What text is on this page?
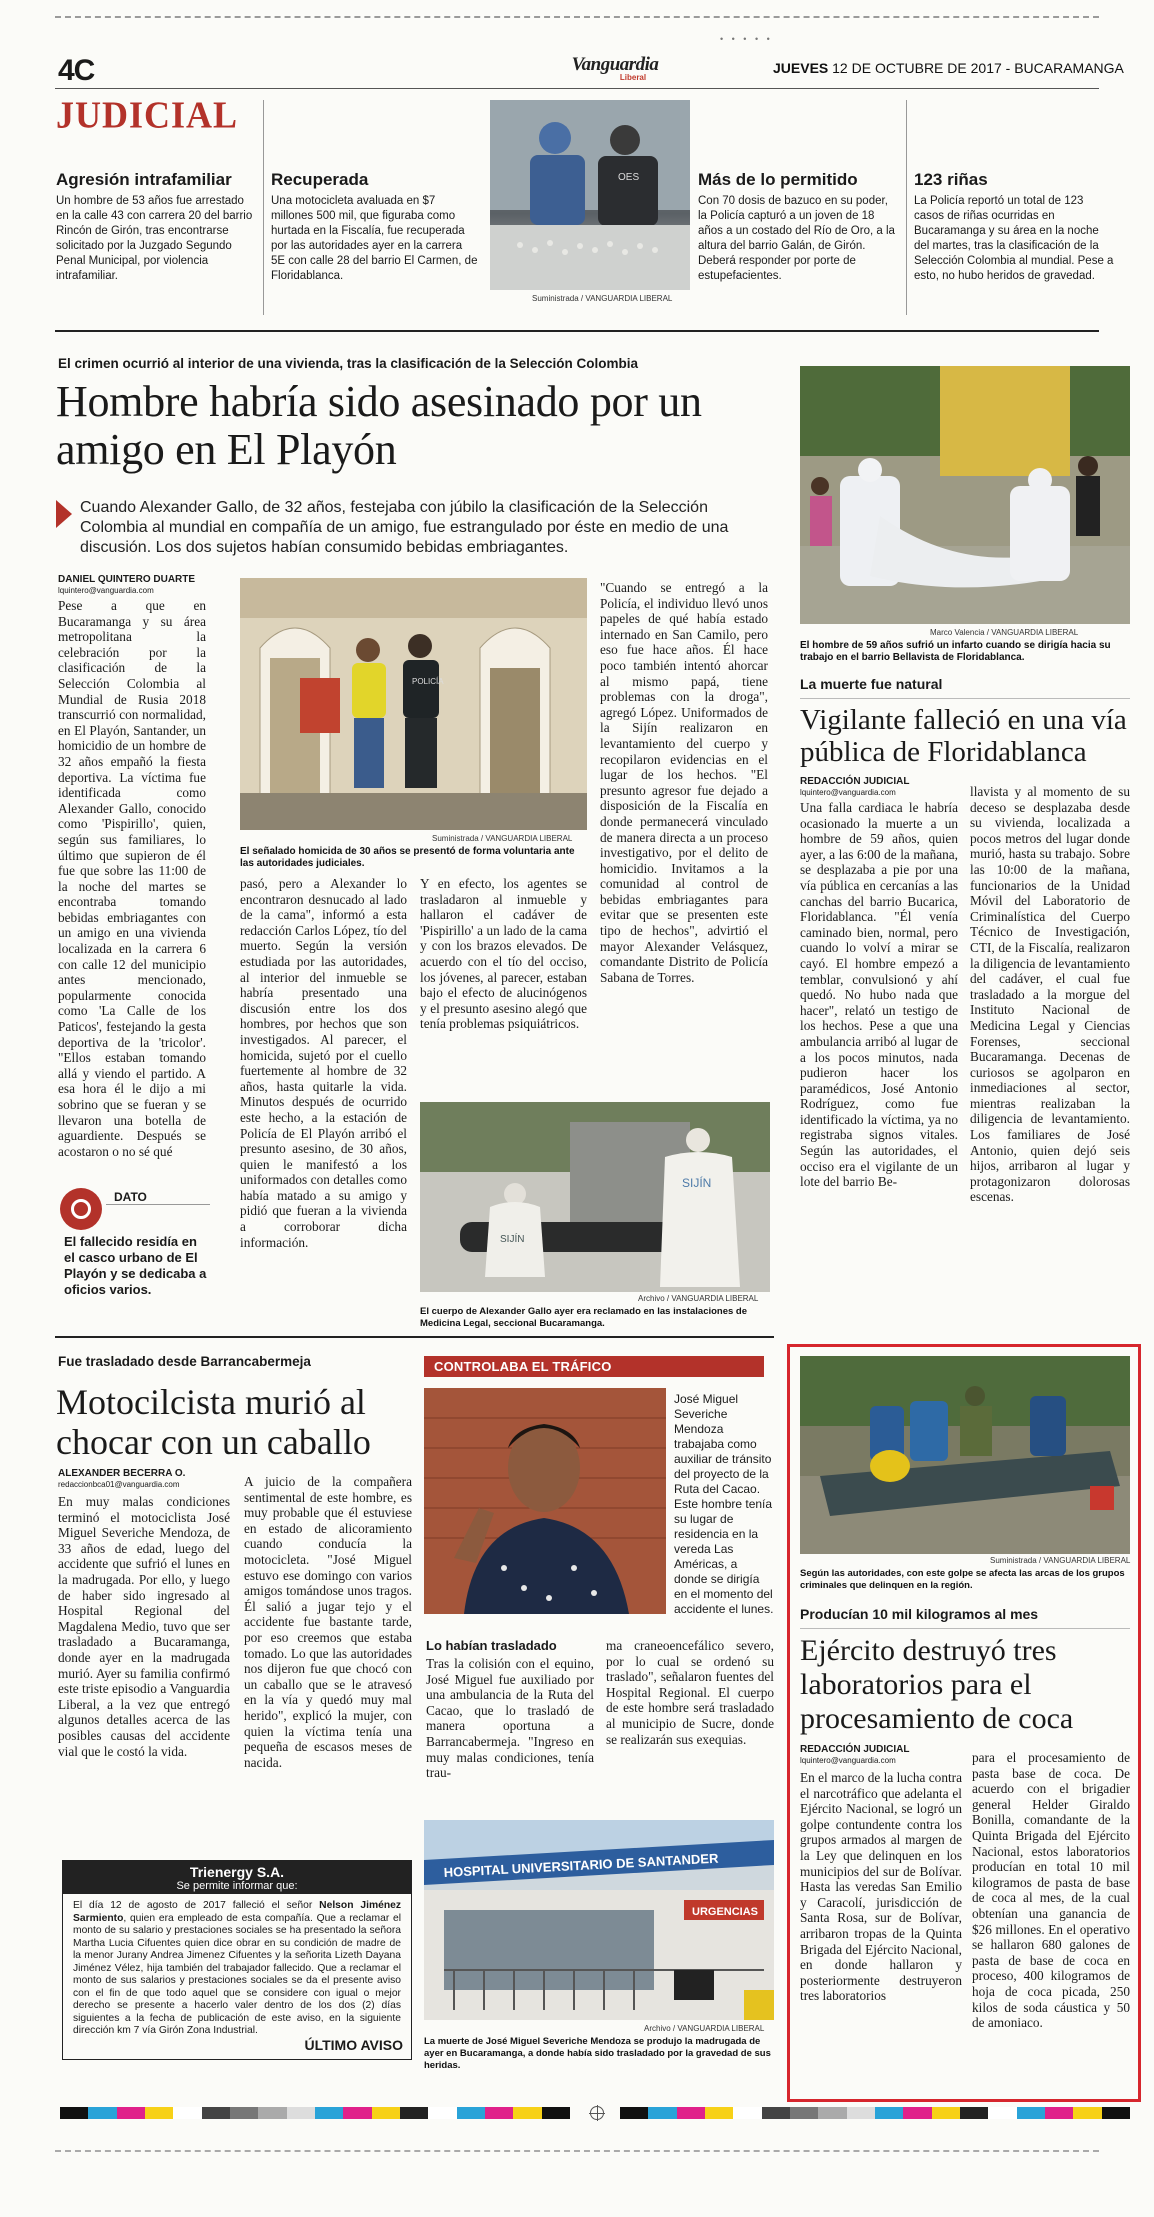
• • • • •
4C	Vanguardia
Liberal
JUEVES 12 DE OCTUBRE DE 2017 - BUCARAMANGA
JUDICIAL
Agresión intrafamiliar

Un hombre de 53 años fue arrestado en la calle 43 con carrera 20 del barrio Rincón de Girón, tras encontrarse solicitado por la Juzgado Segundo Penal Municipal, por violencia intrafamiliar.

Recuperada

Una motocicleta avaluada en $7 millones 500 mil, que figuraba como hurtada en la Fiscalía, fue recuperada por las autoridades ayer en la carrera 5E con calle 28 del barrio El Carmen, de Floridablanca.

OES
Suministrada / VANGUARDIA LIBERAL
Más de lo permitido

Con 70 dosis de bazuco en su poder, la Policía capturó a un joven de 18 años a un costado del Río de Oro, a la altura del barrio Galán, de Girón. Deberá responder por porte de estupefacientes.

123 riñas

La Policía reportó un total de 123 casos de riñas ocurridas en Bucaramanga y su área en la noche del martes, tras la clasificación de la Selección Colombia al mundial. Pese a esto, no hubo heridos de gravedad.

El crimen ocurrió al interior de una vivienda, tras la clasificación de la Selección Colombia
Hombre habría sido asesinado por un amigo en El Playón
Cuando Alexander Gallo, de 32 años, festejaba con júbilo la clasificación de la Selección Colombia al mundial en compañía de un amigo, fue estrangulado por éste en medio de una discusión. Los dos sujetos habían consumido bebidas embriagantes.
DANIEL QUINTERO DUARTE
lquintero@vanguardia.com
Pese a que en Bucaramanga y su área metropolitana la celebración por la clasificación de la Selección Colombia al Mundial de Rusia 2018 transcurrió con normalidad, en El Playón, Santander, un homicidio de un hombre de 32 años empañó la fiesta deportiva. La víctima fue identificada como Alexander Gallo, conocido como 'Pispirillo', quien, según sus familiares, lo último que supieron de él fue que sobre las 11:00 de la noche del martes se encontraba tomando bebidas embriagantes con un amigo en una vivienda localizada en la carrera 6 con calle 12 del municipio antes mencionado, popularmente conocida como 'La Calle de los Paticos', festejando la gesta deportiva de la 'tricolor'. "Ellos estaban tomando allá y viendo el partido. A esa hora él le dijo a mi sobrino que se fueran y se llevaron una botella de aguardiente. Después se acostaron o no sé qué
POLICÍA
Suministrada / VANGUARDIA LIBERAL
El señalado homicida de 30 años se presentó de forma voluntaria ante las autoridades judiciales.
pasó, pero a Alexander lo encontraron desnucado al lado de la cama", informó a esta redacción Carlos López, tío del muerto. Según la versión estudiada por las autoridades, al interior del inmueble se habría presentado una discusión entre los dos hombres, por hechos que son investigados. Al parecer, el homicida, sujetó por el cuello fuertemente al hombre de 32 años, hasta quitarle la vida. Minutos después de ocurrido este hecho, a la estación de Policía de El Playón arribó el presunto asesino, de 30 años, quien le manifestó a los uniformados con detalles como había matado a su amigo y pidió que fueran a la vivienda a corroborar dicha información.
Y en efecto, los agentes se trasladaron al inmueble y hallaron el cadáver de 'Pispirillo' a un lado de la cama y con los brazos elevados. De acuerdo con el tío del occiso, los jóvenes, al parecer, estaban bajo el efecto de alucinógenos y el presunto asesino alegó que tenía problemas psiquiátricos.
"Cuando se entregó a la Policía, el individuo llevó unos papeles de qué había estado internado en San Camilo, pero eso fue hace años. Él hace poco también intentó ahorcar al mismo papá, tiene problemas con la droga", agregó López. Uniformados de la Sijín realizaron en levantamiento del cuerpo y recopilaron evidencias en el lugar de los hechos. "El presunto agresor fue dejado a disposición de la Fiscalía en donde permanecerá vinculado de manera directa a un proceso investigativo, por el delito de homicidio. Invitamos a la comunidad al control de bebidas embriagantes para evitar que se presenten este tipo de hechos", advirtió el mayor Alexander Velásquez, comandante Distrito de Policía Sabana de Torres.
SIJÍN
SIJÍN
Archivo / VANGUARDIA LIBERAL
El cuerpo de Alexander Gallo ayer era reclamado en las instalaciones de Medicina Legal, seccional Bucaramanga.
DATO
El fallecido residía en el casco urbano de El Playón y se dedicaba a oficios varios.
Marco Valencia / VANGUARDIA LIBERAL
El hombre de 59 años sufrió un infarto cuando se dirigía hacia su trabajo en el barrio Bellavista de Floridablanca.
La muerte fue natural
Vigilante falleció en una vía pública de Floridablanca
REDACCIÓN JUDICIAL
lquintero@vanguardia.com
Una falla cardiaca le habría ocasionado la muerte a un hombre de 59 años, quien ayer, a las 6:00 de la mañana, se desplazaba a pie por una vía pública en cercanías a las canchas del barrio Bucarica, Floridablanca. "Él venía caminado bien, normal, pero cuando lo volví a mirar se cayó. El hombre empezó a temblar, convulsionó y ahí quedó. No hubo nada que hacer", relató un testigo de los hechos. Pese a que una ambulancia arribó al lugar de a los pocos minutos, nada pudieron hacer los paramédicos, José Antonio Rodríguez, como fue identificado la víctima, ya no registraba signos vitales. Según las autoridades, el occiso era el vigilante de un lote del barrio Be-
llavista y al momento de su deceso se desplazaba desde su vivienda, localizada a pocos metros del lugar donde murió, hasta su trabajo. Sobre las 10:00 de la mañana, funcionarios de la Unidad Móvil del Laboratorio de Criminalística del Cuerpo Técnico de Investigación, CTI, de la Fiscalía, realizaron la diligencia de levantamiento del cadáver, el cual fue trasladado a la morgue del Instituto Nacional de Medicina Legal y Ciencias Forenses, seccional Bucaramanga. Decenas de curiosos se agolparon en inmediaciones al sector, mientras realizaban la diligencia de levantamiento. Los familiares de José Antonio, quien dejó seis hijos, arribaron al lugar y protagonizaron dolorosas escenas.
Fue trasladado desde Barrancabermeja
Motocilcista murió al chocar con un caballo
ALEXANDER BECERRA O.
redaccionbca01@vanguardia.com
En muy malas condiciones terminó el motociclista José Miguel Severiche Mendoza, de 33 años de edad, luego del accidente que sufrió el lunes en la madrugada. Por ello, y luego de haber sido ingresado al Hospital Regional del Magdalena Medio, tuvo que ser trasladado a Bucaramanga, donde ayer en la madrugada murió. Ayer su familia confirmó este triste episodio a Vanguardia Liberal, a la vez que entregó algunos detalles acerca de las posibles causas del accidente vial que le costó la vida.
A juicio de la compañera sentimental de este hombre, es muy probable que él estuviese en estado de alicoramiento cuando conducía la motocicleta. "José Miguel estuvo ese domingo con varios amigos tomándose unos tragos. Él salió a jugar tejo y el accidente fue bastante tarde, por eso creemos que estaba tomado. Lo que las autoridades nos dijeron fue que chocó con un caballo que se le atravesó en la vía y quedó muy mal herido", explicó la mujer, con quien la víctima tenía una pequeña de escasos meses de nacida.
CONTROLABA EL TRÁFICO
José Miguel Severiche Mendoza trabajaba como auxiliar de tránsito del proyecto de la Ruta del Cacao. Este hombre tenía su lugar de residencia en la vereda Las Américas, a donde se dirigía en el momento del accidente el lunes.
Lo habían trasladado
Tras la colisión con el equino, José Miguel fue auxiliado por una ambulancia de la Ruta del Cacao, que lo trasladó de manera oportuna a Barrancabermeja. "Ingreso en muy malas condiciones, tenía trau-
ma craneoencefálico severo, por lo cual se ordenó su traslado", señalaron fuentes del Hospital Regional. El cuerpo de este hombre será trasladado al municipio de Sucre, donde se realizarán sus exequias.
HOSPITAL UNIVERSITARIO DE SANTANDER
URGENCIAS
Archivo / VANGUARDIA LIBERAL
La muerte de José Miguel Severiche Mendoza se produjo la madrugada de ayer en Bucaramanga, a donde había sido trasladado por la gravedad de sus heridas.
Trienergy S.A.
Se permite informar que:
El día 12 de agosto de 2017 falleció el señor Nelson Jiménez Sarmiento, quien era empleado de esta compañía. Que a reclamar el monto de su salario y prestaciones sociales se ha presentado la señora Martha Lucia Cifuentes quien dice obrar en su condición de madre de la menor Jurany Andrea Jimenez Cifuentes y la señorita Lizeth Dayana Jiménez Vélez, hija también del trabajador fallecido. Que a reclamar el monto de sus salarios y prestaciones sociales se da el presente aviso con el fin de que todo aquel que se considere con igual o mejor derecho se presente a hacerlo valer dentro de los dos (2) días siguientes a la fecha de publicación de este aviso, en la siguiente dirección km 7 vía Girón Zona Industrial.
ÚLTIMO AVISO
Suministrada / VANGUARDIA LIBERAL
Según las autoridades, con este golpe se afecta las arcas de los grupos criminales que delinquen en la región.
Producían 10 mil kilogramos al mes
Ejército destruyó tres laboratorios para el procesamiento de coca
REDACCIÓN JUDICIAL
lquintero@vanguardia.com
En el marco de la lucha contra el narcotráfico que adelanta el Ejército Nacional, se logró un golpe contundente contra los grupos armados al margen de la Ley que delinquen en los municipios del sur de Bolívar. Hasta las veredas San Emilio y Caracolí, jurisdicción de Santa Rosa, sur de Bolívar, arribaron tropas de la Quinta Brigada del Ejército Nacional, en donde hallaron y posteriormente destruyeron tres laboratorios
para el procesamiento de pasta base de coca. De acuerdo con el brigadier general Helder Giraldo Bonilla, comandante de la Quinta Brigada del Ejército Nacional, estos laboratorios producían en total 10 mil kilogramos de pasta de base de coca al mes, de la cual obtenían una ganancia de $26 millones. En el operativo se hallaron 680 galones de pasta de base de coca en proceso, 400 kilogramos de hoja de coca picada, 250 kilos de soda cáustica y 50 de amoniaco.
